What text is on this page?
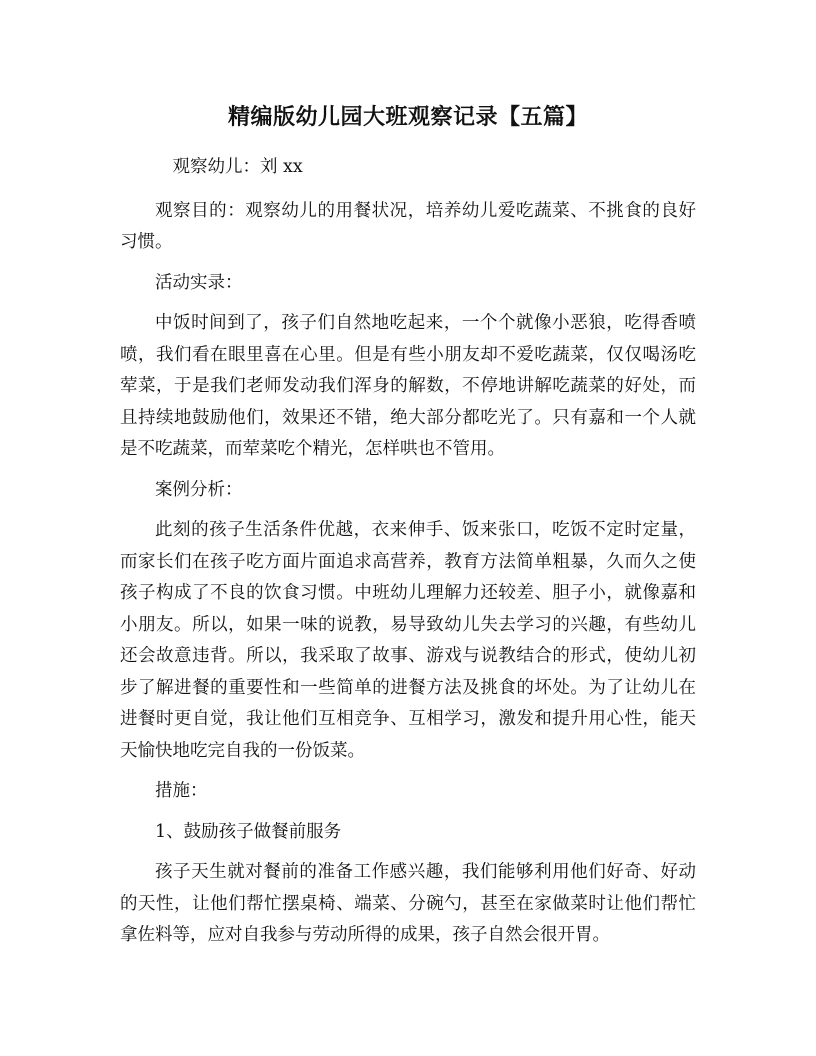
精编版幼儿园大班观察记录【五篇】

观察幼儿：刘 xx

观察目的：观察幼儿的用餐状况，培养幼儿爱吃蔬菜、不挑食的良好习惯。

活动实录：

中饭时间到了，孩子们自然地吃起来，一个个就像小恶狼，吃得香喷喷，我们看在眼里喜在心里。但是有些小朋友却不爱吃蔬菜，仅仅喝汤吃荤菜，于是我们老师发动我们浑身的解数，不停地讲解吃蔬菜的好处，而且持续地鼓励他们，效果还不错，绝大部分都吃光了。只有嘉和一个人就是不吃蔬菜，而荤菜吃个精光，怎样哄也不管用。

案例分析：

此刻的孩子生活条件优越，衣来伸手、饭来张口，吃饭不定时定量，而家长们在孩子吃方面片面追求高营养，教育方法简单粗暴，久而久之使孩子构成了不良的饮食习惯。中班幼儿理解力还较差、胆子小，就像嘉和小朋友。所以，如果一味的说教，易导致幼儿失去学习的兴趣，有些幼儿还会故意违背。所以，我采取了故事、游戏与说教结合的形式，使幼儿初步了解进餐的重要性和一些简单的进餐方法及挑食的坏处。为了让幼儿在进餐时更自觉，我让他们互相竞争、互相学习，激发和提升用心性，能天天愉快地吃完自我的一份饭菜。

措施：

1、鼓励孩子做餐前服务

孩子天生就对餐前的准备工作感兴趣，我们能够利用他们好奇、好动的天性，让他们帮忙摆桌椅、端菜、分碗勺，甚至在家做菜时让他们帮忙拿佐料等，应对自我参与劳动所得的成果，孩子自然会很开胃。
